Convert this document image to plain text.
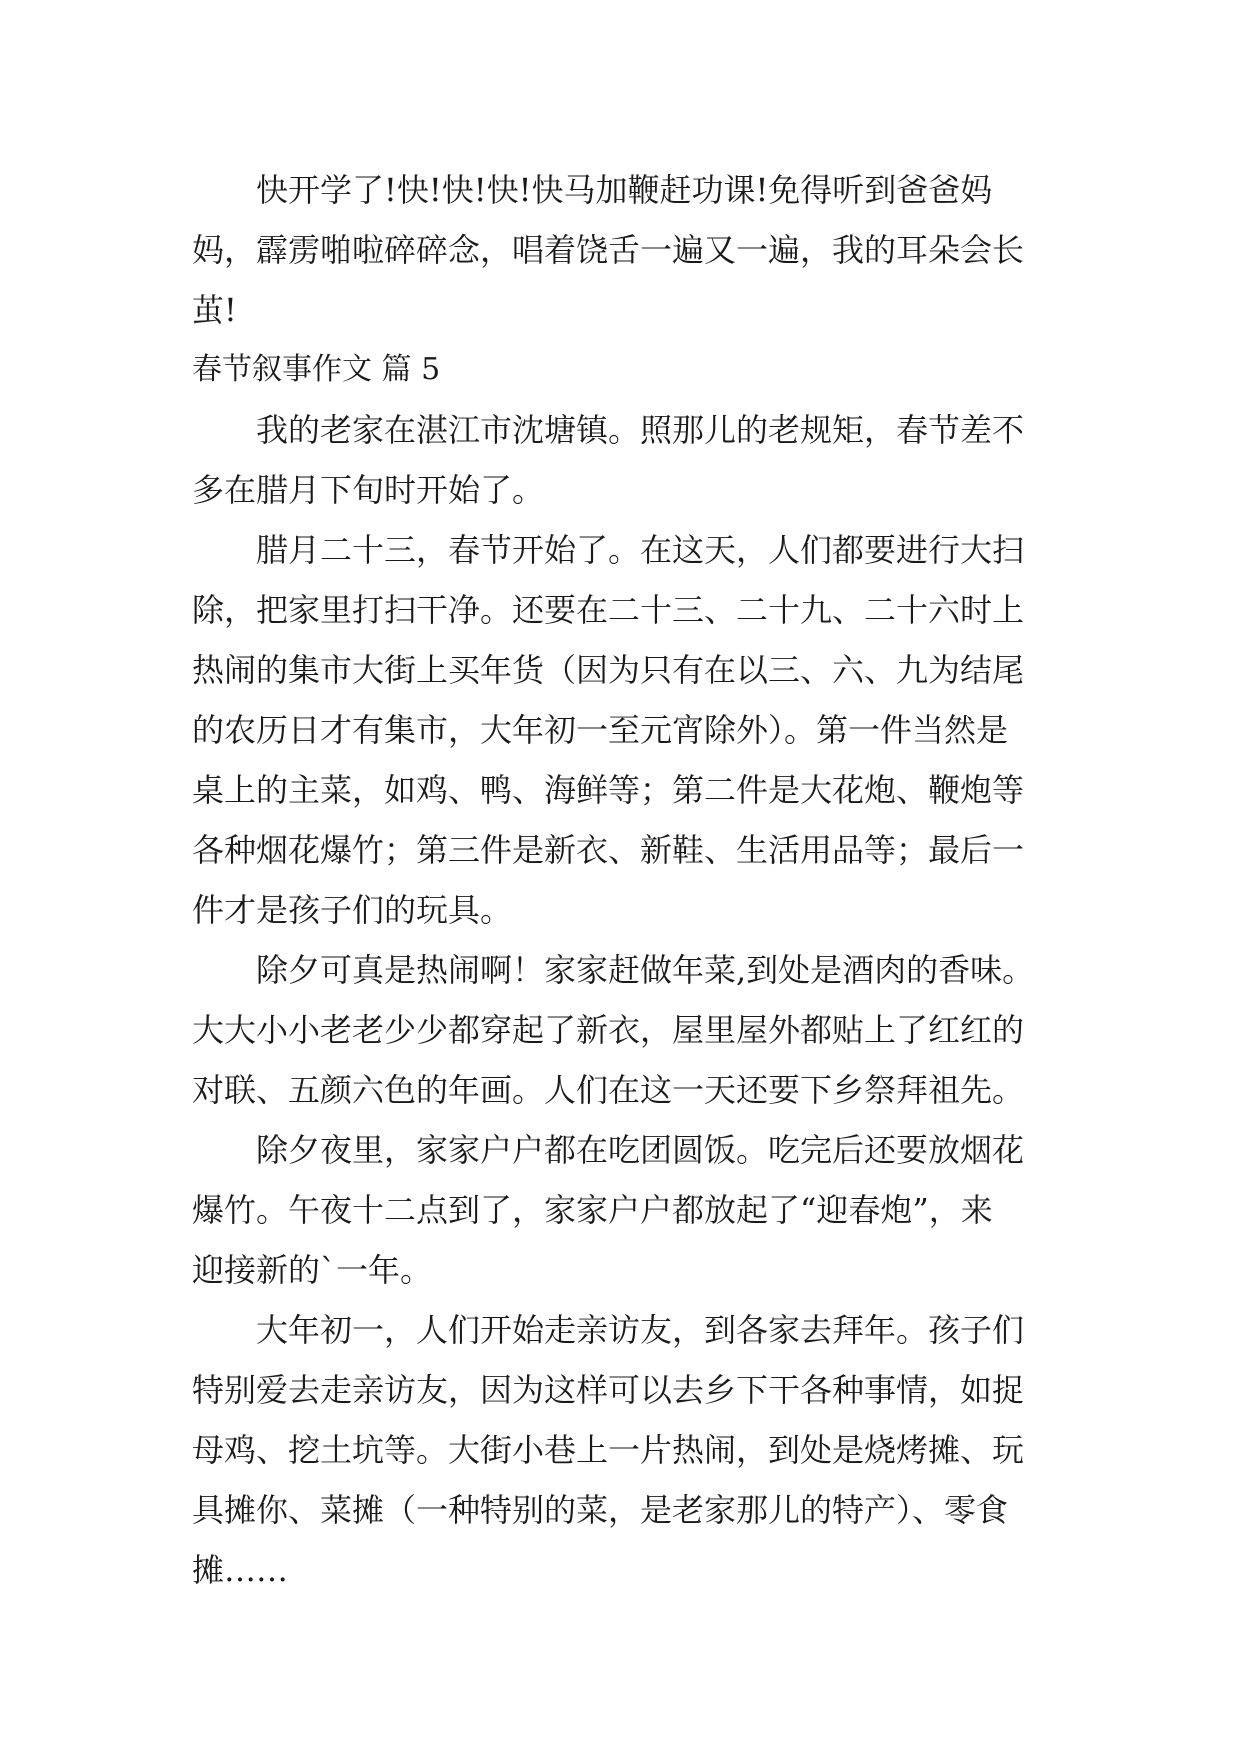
快开学了!快!快!快!快马加鞭赶功课!免得听到爸爸妈
妈，霹雳啪啦碎碎念，唱着饶舌一遍又一遍，我的耳朵会长
茧!
春节叙事作文 篇 5
我的老家在湛江市沈塘镇。照那儿的老规矩，春节差不
多在腊月下旬时开始了。
腊月二十三，春节开始了。在这天，人们都要进行大扫
除，把家里打扫干净。还要在二十三、二十九、二十六时上
热闹的集市大街上买年货（因为只有在以三、六、九为结尾
的农历日才有集市，大年初一至元宵除外）。第一件当然是
桌上的主菜，如鸡、鸭、海鲜等；第二件是大花炮、鞭炮等
各种烟花爆竹；第三件是新衣、新鞋、生活用品等；最后一
件才是孩子们的玩具。
除夕可真是热闹啊！家家赶做年菜,到处是酒肉的香味。
大大小小老老少少都穿起了新衣，屋里屋外都贴上了红红的
对联、五颜六色的年画。人们在这一天还要下乡祭拜祖先。
除夕夜里，家家户户都在吃团圆饭。吃完后还要放烟花
爆竹。午夜十二点到了，家家户户都放起了“迎春炮”，来
迎接新的`一年。
大年初一，人们开始走亲访友，到各家去拜年。孩子们
特别爱去走亲访友，因为这样可以去乡下干各种事情，如捉
母鸡、挖土坑等。大街小巷上一片热闹，到处是烧烤摊、玩
具摊你、菜摊（一种特别的菜，是老家那儿的特产）、零食
摊……
